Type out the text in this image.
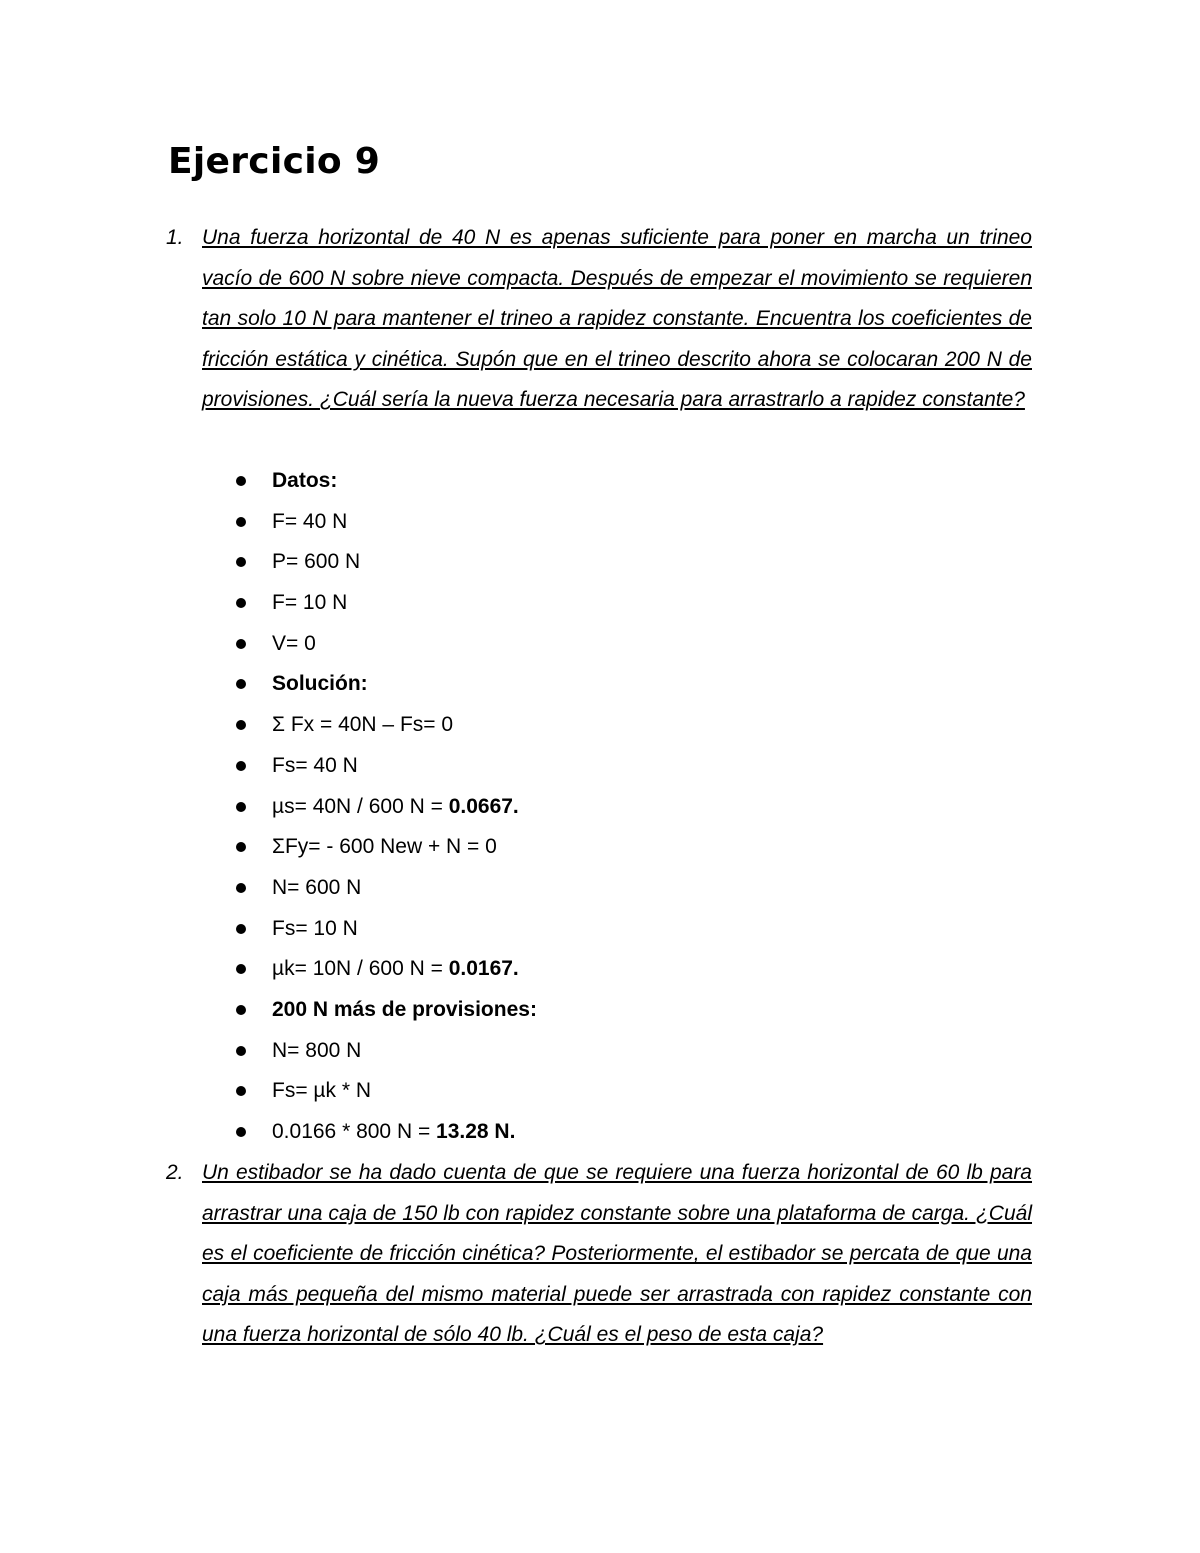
Ejercicio 9
1. Una fuerza horizontal de 40 N es apenas suficiente para poner en marcha un trineo vacío de 600 N sobre nieve compacta. Después de empezar el movimiento se requieren tan solo 10 N para mantener el trineo a rapidez constante. Encuentra los coeficientes de fricción estática y cinética. Supón que en el trineo descrito ahora se colocaran 200 N de provisiones. ¿Cuál sería la nueva fuerza necesaria para arrastrarlo a rapidez constante?

Datos:
F= 40 N
P= 600 N
F= 10 N
V= 0
Solución:
Σ Fx = 40N – Fs= 0
Fs= 40 N
µs= 40N / 600 N = 0.0667.
ΣFy= - 600 New + N = 0
N= 600 N
Fs= 10 N
µk= 10N / 600 N = 0.0167.
200 N más de provisiones:
N= 800 N
Fs= µk * N
0.0166 * 800 N = 13.28 N.
2. Un estibador se ha dado cuenta de que se requiere una fuerza horizontal de 60 lb para arrastrar una caja de 150 lb con rapidez constante sobre una plataforma de carga. ¿Cuál es el coeficiente de fricción cinética? Posteriormente, el estibador se percata de que una caja más pequeña del mismo material puede ser arrastrada con rapidez constante con una fuerza horizontal de sólo 40 lb. ¿Cuál es el peso de esta caja?
